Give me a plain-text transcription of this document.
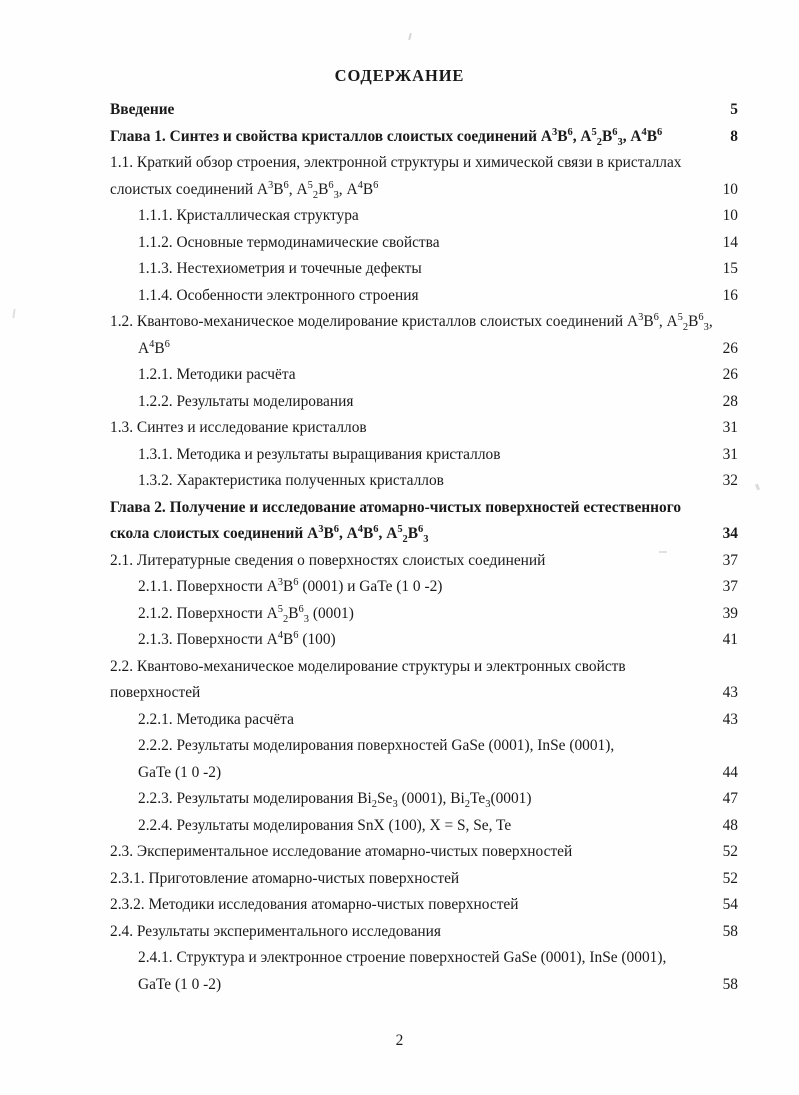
СОДЕРЖАНИЕ
Введение	5
Глава 1. Синтез и свойства кристаллов слоистых соединений $А^3В^6$, $А^5_2В^6_3$, $А^4В^6$	8
1.1. Краткий обзор строения, электронной структуры и химической связи в кристаллах
слоистых соединений $А^3В^6$, $А^5_2В^6_3$, $А^4В^6$	10
1.1.1. Кристаллическая структура	10
1.1.2. Основные термодинамические свойства	14
1.1.3. Нестехиометрия и точечные дефекты	15
1.1.4. Особенности электронного строения	16
1.2. Квантово-механическое моделирование кристаллов слоистых соединений $А^3В^6$, $А^5_2В^6_3$,
$А^4В^6$	26
1.2.1. Методики расчёта	26
1.2.2. Результаты моделирования	28
1.3. Синтез и исследование кристаллов	31
1.3.1. Методика и результаты выращивания кристаллов	31
1.3.2. Характеристика полученных кристаллов	32
Глава 2. Получение и исследование атомарно-чистых поверхностей естественного
скола слоистых соединений $А^3В^6$, $А^4В^6$, $А^5_2В^6_3$	34
2.1. Литературные сведения о поверхностях слоистых соединений	37
2.1.1. Поверхности $А^3В^6$ (0001) и GaTe (1 0 -2)	37
2.1.2. Поверхности $А^5_2В^6_3$ (0001)	39
2.1.3. Поверхности $А^4В^6$ (100)	41
2.2. Квантово-механическое моделирование структуры и электронных свойств
поверхностей	43
2.2.1. Методика расчёта	43
2.2.2. Результаты моделирования поверхностей GaSe (0001), InSe (0001),
GaTe (1 0 -2)	44
2.2.3. Результаты моделирования $Bi_2Se_3$ (0001), $Bi_2Te_3(0001)$	47
2.2.4. Результаты моделирования SnX (100), X = S, Se, Te	48
2.3. Экспериментальное исследование атомарно-чистых поверхностей	52
2.3.1. Приготовление атомарно-чистых поверхностей	52
2.3.2. Методики исследования атомарно-чистых поверхностей	54
2.4. Результаты экспериментального исследования	58
2.4.1. Структура и электронное строение поверхностей GaSe (0001), InSe (0001),
GaTe (1 0 -2)	58
2
